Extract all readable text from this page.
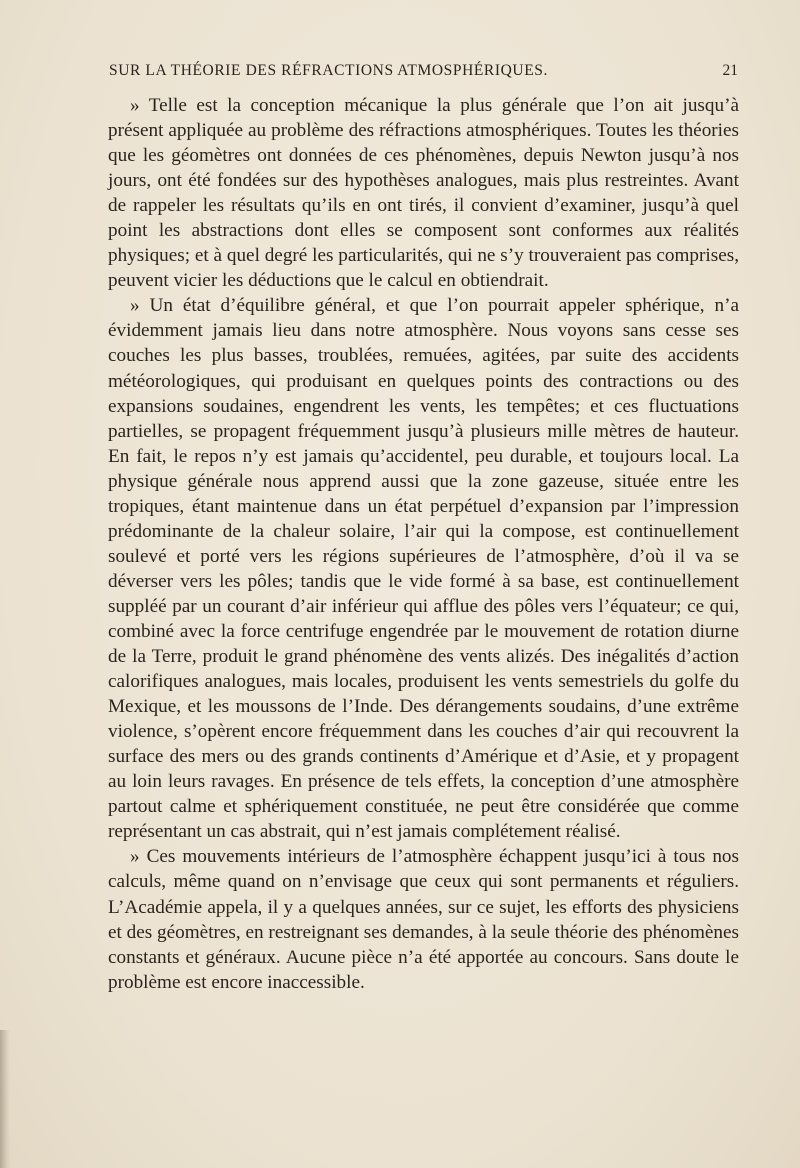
SUR LA THÉORIE DES RÉFRACTIONS ATMOSPHÉRIQUES.	21

» Telle est la conception mécanique la plus générale que l’on ait jusqu’à présent appliquée au problème des réfractions atmosphériques. Toutes les théories que les géomètres ont données de ces phénomènes, depuis Newton jusqu’à nos jours, ont été fondées sur des hypothèses analogues, mais plus restreintes. Avant de rappeler les résultats qu’ils en ont tirés, il convient d’examiner, jusqu’à quel point les abstractions dont elles se composent sont conformes aux réalités physiques; et à quel degré les particularités, qui ne s’y trouveraient pas comprises, peuvent vicier les déductions que le calcul en obtiendrait.

» Un état d’équilibre général, et que l’on pourrait appeler sphérique, n’a évidemment jamais lieu dans notre atmosphère. Nous voyons sans cesse ses couches les plus basses, troublées, remuées, agitées, par suite des accidents météorologiques, qui produisant en quelques points des contractions ou des expansions soudaines, engendrent les vents, les tempêtes; et ces fluctuations partielles, se propagent fréquemment jusqu’à plusieurs mille mètres de hauteur. En fait, le repos n’y est jamais qu’accidentel, peu durable, et toujours local. La physique générale nous apprend aussi que la zone gazeuse, située entre les tropiques, étant maintenue dans un état perpétuel d’expansion par l’impression prédominante de la chaleur solaire, l’air qui la compose, est continuellement soulevé et porté vers les régions supérieures de l’atmosphère, d’où il va se déverser vers les pôles; tandis que le vide formé à sa base, est continuellement suppléé par un courant d’air inférieur qui afflue des pôles vers l’équateur; ce qui, combiné avec la force centrifuge engendrée par le mouvement de rotation diurne de la Terre, produit le grand phénomène des vents alizés. Des inégalités d’action calorifiques analogues, mais locales, produisent les vents semestriels du golfe du Mexique, et les moussons de l’Inde. Des dérangements soudains, d’une extrême violence, s’opèrent encore fréquemment dans les couches d’air qui recouvrent la surface des mers ou des grands continents d’Amérique et d’Asie, et y propagent au loin leurs ravages. En présence de tels effets, la conception d’une atmosphère partout calme et sphériquement constituée, ne peut être considérée que comme représentant un cas abstrait, qui n’est jamais complétement réalisé.

» Ces mouvements intérieurs de l’atmosphère échappent jusqu’ici à tous nos calculs, même quand on n’envisage que ceux qui sont permanents et réguliers. L’Académie appela, il y a quelques années, sur ce sujet, les efforts des physiciens et des géomètres, en restreignant ses demandes, à la seule théorie des phénomènes constants et généraux. Aucune pièce n’a été apportée au concours. Sans doute le problème est encore inaccessible.
